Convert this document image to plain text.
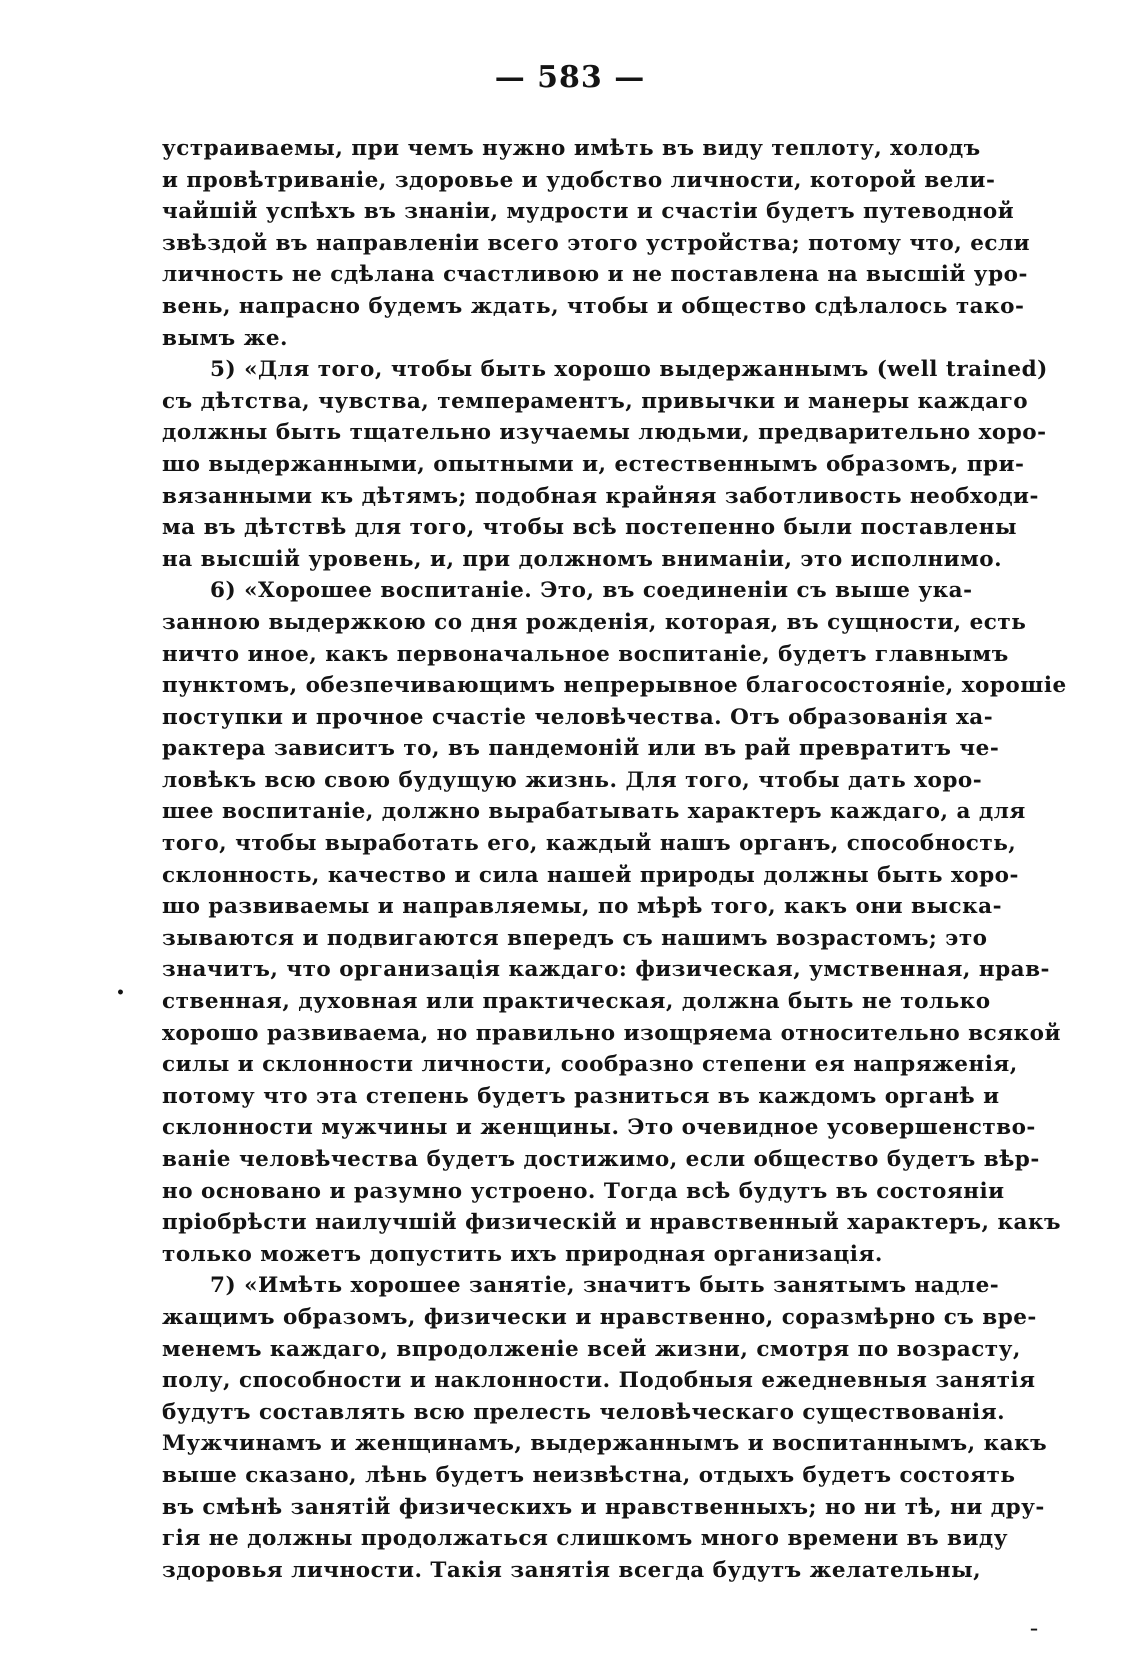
— 583 —
устраиваемы, при чемъ нужно имѣть въ виду теплоту, холодъ
и провѣтриваніе, здоровье и удобство личности, которой вели-
чайшій успѣхъ въ знаніи, мудрости и счастіи будетъ путеводной
звѣздой въ направленіи всего этого устройства; потому что, если
личность не сдѣлана счастливою и не поставлена на высшій уро-
вень, напрасно будемъ ждать, чтобы и общество сдѣлалось тако-
вымъ же.
5) «Для того, чтобы быть хорошо выдержаннымъ (well trained)
съ дѣтства, чувства, темпераментъ, привычки и манеры каждаго
должны быть тщательно изучаемы людьми, предварительно хоро-
шо выдержанными, опытными и, естественнымъ образомъ, при-
вязанными къ дѣтямъ; подобная крайняя заботливость необходи-
ма въ дѣтствѣ для того, чтобы всѣ постепенно были поставлены
на высшій уровень, и, при должномъ вниманіи, это исполнимо.
6) «Хорошее воспитаніе. Это, въ соединеніи съ выше ука-
занною выдержкою со дня рожденія, которая, въ сущности, есть
ничто иное, какъ первоначальное воспитаніе, будетъ главнымъ
пунктомъ, обезпечивающимъ непрерывное благосостояніе, хорошіе
поступки и прочное счастіе человѣчества. Отъ образованія ха-
рактера зависитъ то, въ пандемоній или въ рай превратитъ че-
ловѣкъ всю свою будущую жизнь. Для того, чтобы дать хоро-
шее воспитаніе, должно вырабатывать характеръ каждаго, а для
того, чтобы выработать его, каждый нашъ органъ, способность,
склонность, качество и сила нашей природы должны быть хоро-
шо развиваемы и направляемы, по мѣрѣ того, какъ они выска-
зываются и подвигаются впередъ съ нашимъ возрастомъ; это
значитъ, что организація каждаго: физическая, умственная, нрав-
ственная, духовная или практическая, должна быть не только
хорошо развиваема, но правильно изощряема относительно всякой
силы и склонности личности, сообразно степени ея напряженія,
потому что эта степень будетъ разниться въ каждомъ органѣ и
склонности мужчины и женщины. Это очевидное усовершенство-
ваніе человѣчества будетъ достижимо, если общество будетъ вѣр-
но основано и разумно устроено. Тогда всѣ будутъ въ состояніи
пріобрѣсти наилучшій физическій и нравственный характеръ, какъ
только можетъ допустить ихъ природная организація.
7) «Имѣть хорошее занятіе, значитъ быть занятымъ надле-
жащимъ образомъ, физически и нравственно, соразмѣрно съ вре-
менемъ каждаго, впродолженіе всей жизни, смотря по возрасту,
полу, способности и наклонности. Подобныя ежедневныя занятія
будутъ составлять всю прелесть человѣческаго существованія.
Мужчинамъ и женщинамъ, выдержаннымъ и воспитаннымъ, какъ
выше сказано, лѣнь будетъ неизвѣстна, отдыхъ будетъ состоять
въ смѣнѣ занятій физическихъ и нравственныхъ; но ни тѣ, ни дру-
гія не должны продолжаться слишкомъ много времени въ виду
здоровья личности. Такія занятія всегда будутъ желательны,
•
–
